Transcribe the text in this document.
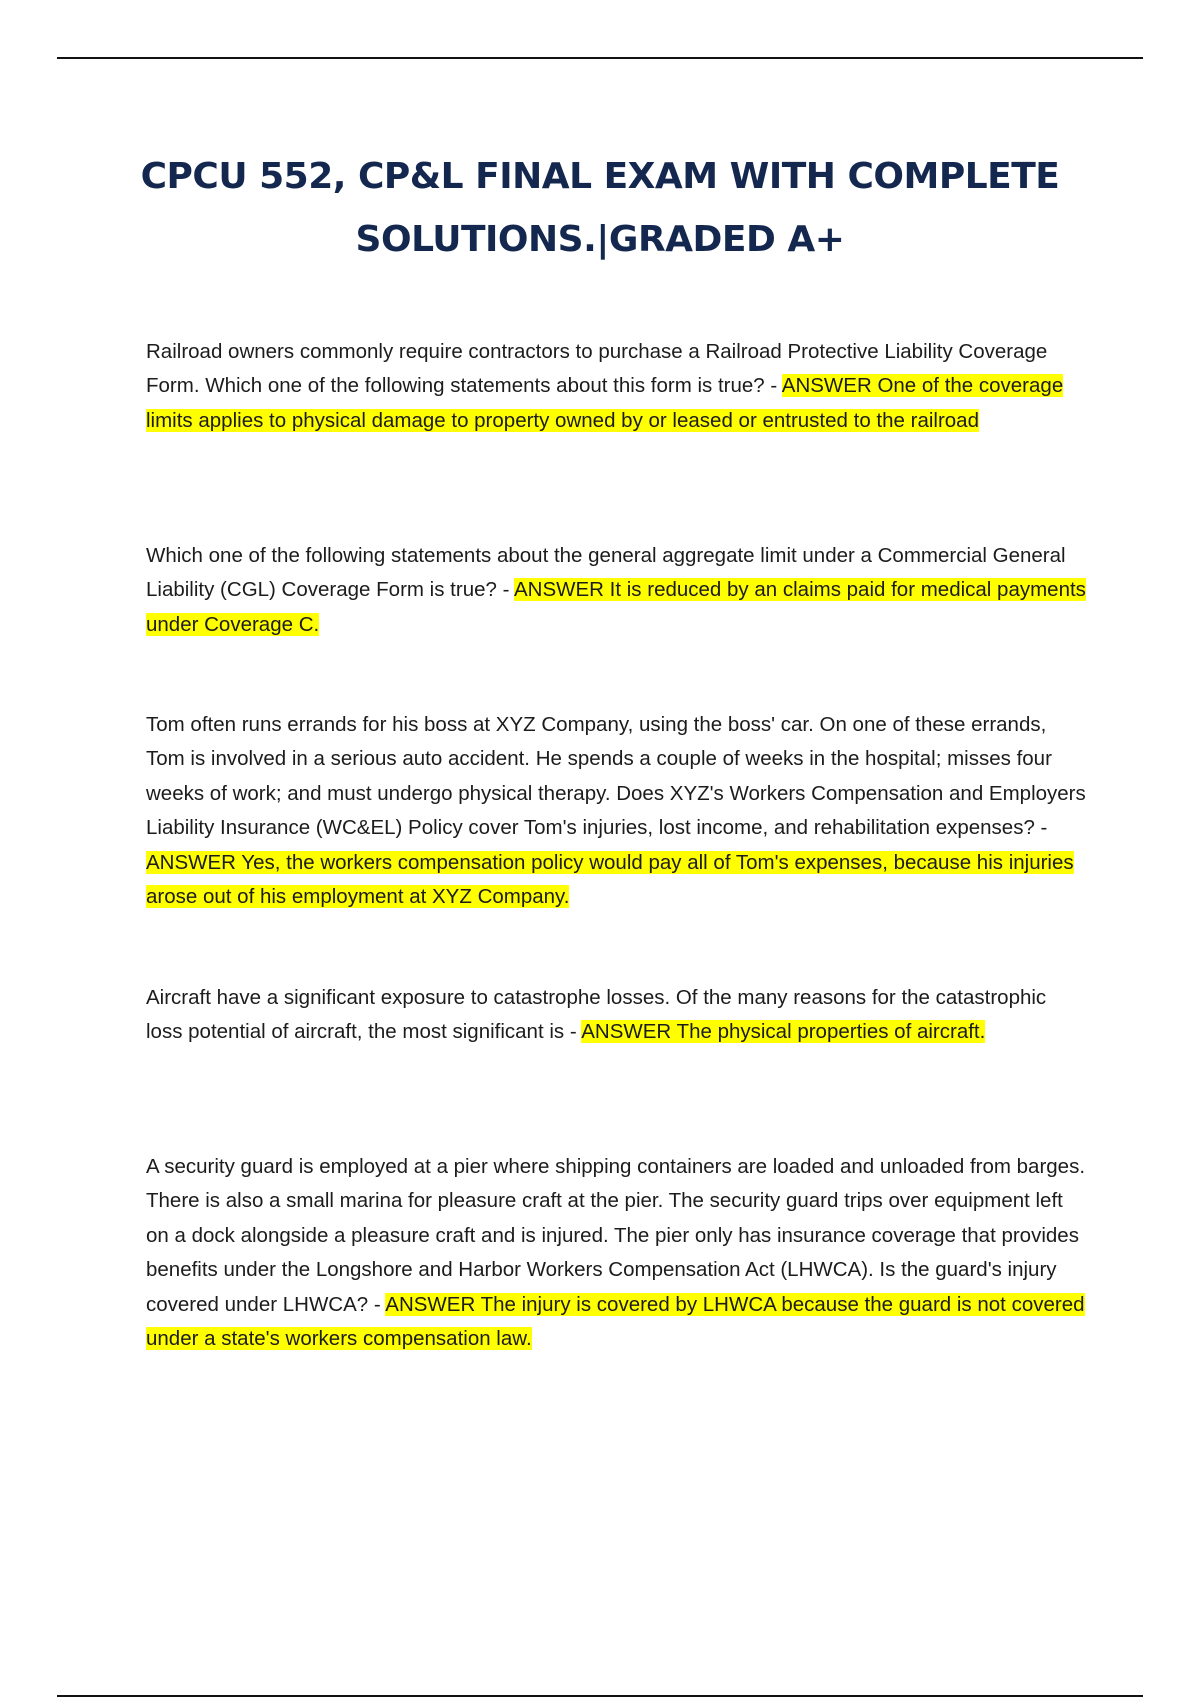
CPCU 552, CP&L FINAL EXAM WITH COMPLETE
SOLUTIONS.|GRADED A+
Railroad owners commonly require contractors to purchase a Railroad Protective Liability Coverage Form. Which one of the following statements about this form is true? - ANSWER One of the coverage limits applies to physical damage to property owned by or leased or entrusted to the railroad
Which one of the following statements about the general aggregate limit under a Commercial General Liability (CGL) Coverage Form is true? - ANSWER It is reduced by an claims paid for medical payments under Coverage C.
Tom often runs errands for his boss at XYZ Company, using the boss' car. On one of these errands, Tom is involved in a serious auto accident. He spends a couple of weeks in the hospital; misses four weeks of work; and must undergo physical therapy. Does XYZ's Workers Compensation and Employers Liability Insurance (WC&EL) Policy cover Tom's injuries, lost income, and rehabilitation expenses? - ANSWER Yes, the workers compensation policy would pay all of Tom's expenses, because his injuries arose out of his employment at XYZ Company.
Aircraft have a significant exposure to catastrophe losses. Of the many reasons for the catastrophic loss potential of aircraft, the most significant is - ANSWER The physical properties of aircraft.
A security guard is employed at a pier where shipping containers are loaded and unloaded from barges. There is also a small marina for pleasure craft at the pier. The security guard trips over equipment left on a dock alongside a pleasure craft and is injured. The pier only has insurance coverage that provides benefits under the Longshore and Harbor Workers Compensation Act (LHWCA). Is the guard's injury covered under LHWCA? - ANSWER The injury is covered by LHWCA because the guard is not covered under a state's workers compensation law.
